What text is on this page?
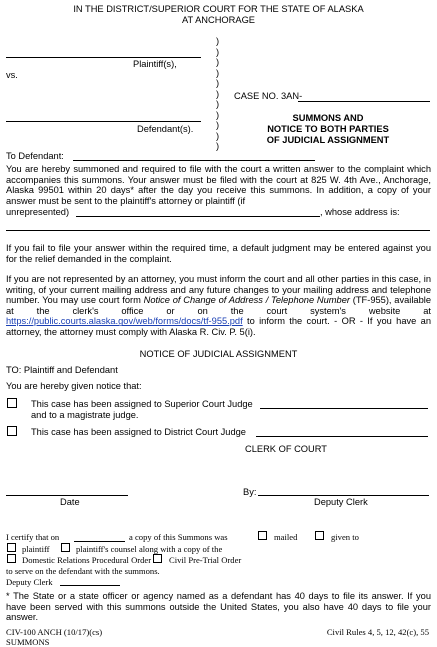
IN THE DISTRICT/SUPERIOR COURT FOR THE STATE OF ALASKA
AT ANCHORAGE
Plaintiff(s),
vs.
Defendant(s).
)
)
)
)
)
)
)
)
)
)
)
CASE NO. 3AN-
SUMMONS AND
NOTICE TO BOTH PARTIES
OF JUDICIAL ASSIGNMENT
To Defendant:
You are hereby summoned and required to file with the court a written answer to the complaint which accompanies this summons. Your answer must be filed with the court at 825 W. 4th Ave., Anchorage, Alaska 99501 within 20 days* after the day you receive this summons. In addition, a copy of your answer must be sent to the plaintiff's attorney or plaintiff (if
unrepresented)	, whose address is:
If you fail to file your answer within the required time, a default judgment may be entered against you for the relief demanded in the complaint.
If you are not represented by an attorney, you must inform the court and all other parties in this case, in writing, of your current mailing address and any future changes to your mailing address and telephone number. You may use court form Notice of Change of Address / Telephone Number (TF-955), available at the clerk's office or on the court system's website at https://public.courts.alaska.gov/web/forms/docs/tf-955.pdf to inform the court. - OR - If you have an attorney, the attorney must comply with Alaska R. Civ. P. 5(i).
NOTICE OF JUDICIAL ASSIGNMENT
TO: Plaintiff and Defendant
You are hereby given notice that:
This case has been assigned to Superior Court Judge
and to a magistrate judge.
This case has been assigned to District Court Judge
CLERK OF COURT
Date
By:
Deputy Clerk
I certify that on	a copy of this Summons was	mailed	given to
plaintiff	plaintiff's counsel along with a copy of the
Domestic Relations Procedural Order Civil Pre-Trial Order
to serve on the defendant with the summons.
Deputy Clerk
* The State or a state officer or agency named as a defendant has 40 days to file its answer. If you have been served with this summons outside the United States, you also have 40 days to file your answer.
CIV-100 ANCH (10/17)(cs)
SUMMONS
Civil Rules 4, 5, 12, 42(c), 55
